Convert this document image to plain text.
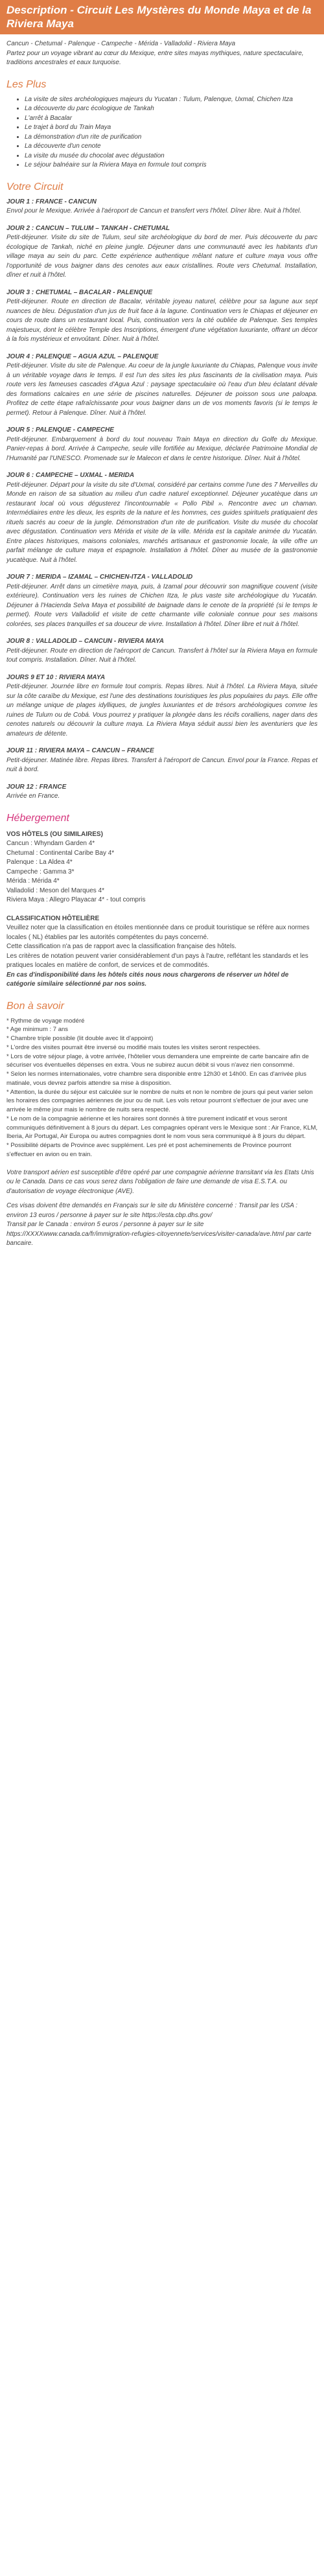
Description - Circuit Les Mystères du Monde Maya et de la Riviera Maya

Cancun - Chetumal - Palenque - Campeche - Mérida - Valladolid - Riviera Maya
Partez pour un voyage vibrant au cœur du Mexique, entre sites mayas mythiques, nature spectaculaire, traditions ancestrales et eaux turquoise.

Les Plus
• La visite de sites archéologiques majeurs du Yucatan : Tulum, Palenque, Uxmal, Chichen Itza
• La découverte du parc écologique de Tankah
• L'arrêt à Bacalar
• Le trajet à bord du Train Maya
• La démonstration d'un rite de purification
• La découverte d'un cenote
• La visite du musée du chocolat avec dégustation
• Le séjour balnéaire sur la Riviera Maya en formule tout compris
Votre Circuit

JOUR 1 : FRANCE - CANCUN

Envol pour le Mexique. Arrivée à l'aéroport de Cancun et transfert vers l'hôtel. Dîner libre. Nuit à l'hôtel.

JOUR 2 : CANCUN – TULUM – TANKAH - CHETUMAL

Petit-déjeuner. Visite du site de Tulum, seul site archéologique du bord de mer. Puis découverte du parc écologique de Tankah, niché en pleine jungle. Déjeuner dans une communauté avec les habitants d'un village maya au sein du parc. Cette expérience authentique mêlant nature et culture maya vous offre l'opportunité de vous baigner dans des cenotes aux eaux cristallines. Route vers Chetumal. Installation, dîner et nuit à l'hôtel.

JOUR 3 : CHETUMAL – BACALAR - PALENQUE

Petit-déjeuner. Route en direction de Bacalar, véritable joyeau naturel, célèbre pour sa lagune aux sept nuances de bleu. Dégustation d'un jus de fruit face à la lagune. Continuation vers le Chiapas et déjeuner en cours de route dans un restaurant local. Puis, continuation vers la cité oubliée de Palenque. Ses temples majestueux, dont le célèbre Temple des Inscriptions, émergent d'une végétation luxuriante, offrant un décor à la fois mystérieux et envoûtant. Dîner. Nuit à l'hôtel.

JOUR 4 : PALENQUE – AGUA AZUL – PALENQUE

Petit-déjeuner. Visite du site de Palenque. Au coeur de la jungle luxuriante du Chiapas, Palenque vous invite à un véritable voyage dans le temps. Il est l'un des sites les plus fascinants de la civilisation maya. Puis route vers les fameuses cascades d'Agua Azul : paysage spectaculaire où l'eau d'un bleu éclatant dévale des formations calcaires en une série de piscines naturelles. Déjeuner de poisson sous une paloapa. Profitez de cette étape rafraîchissante pour vous baigner dans un de vos moments favoris (si le temps le permet). Retour à Palenque. Dîner. Nuit à l'hôtel.

JOUR 5 : PALENQUE - CAMPECHE

Petit-déjeuner. Embarquement à bord du tout nouveau Train Maya en direction du Golfe du Mexique. Panier-repas à bord. Arrivée à Campeche, seule ville fortifiée au Mexique, déclarée Patrimoine Mondial de l'Humanité par l'UNESCO. Promenade sur le Malecon et dans le centre historique. Dîner. Nuit à l'hôtel.

JOUR 6 : CAMPECHE – UXMAL - MERIDA

Petit-déjeuner. Départ pour la visite du site d'Uxmal, considéré par certains comme l'une des 7 Merveilles du Monde en raison de sa situation au milieu d'un cadre naturel exceptionnel. Déjeuner yucatèque dans un restaurant local où vous dégusterez l'incontournable « Pollo Pibil ». Rencontre avec un chaman. Intermédiaires entre les dieux, les esprits de la nature et les hommes, ces guides spirituels pratiquaient des rituels sacrés au coeur de la jungle. Démonstration d'un rite de purification. Visite du musée du chocolat avec dégustation. Continuation vers Mérida et visite de la ville. Mérida est la capitale animée du Yucatán. Entre places historiques, maisons coloniales, marchés artisanaux et gastronomie locale, la ville offre un parfait mélange de culture maya et espagnole. Installation à l'hôtel. Dîner au musée de la gastronomie yucatèque. Nuit à l'hôtel.

JOUR 7 : MERIDA – IZAMAL – CHICHEN-ITZA - VALLADOLID

Petit-déjeuner. Arrêt dans un cimetière maya, puis, à Izamal pour découvrir son magnifique couvent (visite extérieure). Continuation vers les ruines de Chichen Itza, le plus vaste site archéologique du Yucatán. Déjeuner à l'Hacienda Selva Maya et possibilité de baignade dans le cenote de la propriété (si le temps le permet). Route vers Valladolid et visite de cette charmante ville coloniale connue pour ses maisons colorées, ses places tranquilles et sa douceur de vivre. Installation à l'hôtel. Dîner libre et nuit à l'hôtel.

JOUR 8 : VALLADOLID – CANCUN - RIVIERA MAYA

Petit-déjeuner. Route en direction de l'aéroport de Cancun. Transfert à l'hôtel sur la Riviera Maya en formule tout compris. Installation. Dîner. Nuit à l'hôtel.

JOURS 9 ET 10 : RIVIERA MAYA

Petit-déjeuner. Journée libre en formule tout compris. Repas libres. Nuit à l'hôtel. La Riviera Maya, située sur la côte caraïbe du Mexique, est l'une des destinations touristiques les plus populaires du pays. Elle offre un mélange unique de plages idylliques, de jungles luxuriantes et de trésors archéologiques comme les ruines de Tulum ou de Cobá. Vous pourrez y pratiquer la plongée dans les récifs coralliens, nager dans des cenotes naturels ou découvrir la culture maya. La Riviera Maya séduit aussi bien les aventuriers que les amateurs de détente.

JOUR 11 : RIVIERA MAYA – CANCUN – FRANCE

Petit-déjeuner. Matinée libre. Repas libres. Transfert à l'aéroport de Cancun. Envol pour la France. Repas et nuit à bord.

JOUR 12 : FRANCE

Arrivée en France.

Hébergement

VOS HÔTELS (OU SIMILAIRES)

Cancun : Whyndam Garden 4*

Chetumal : Continental Caribe Bay 4*

Palenque : La Aldea 4*

Campeche : Gamma 3*

Mérida : Mérida 4*

Valladolid : Meson del Marques 4*

Riviera Maya : Allegro Playacar 4* - tout compris

CLASSIFICATION HÔTELIÈRE

Veuillez noter que la classification en étoiles mentionnée dans ce produit touristique se réfère aux normes locales ( NL) établies par les autorités compétentes du pays concerné.

Cette classification n'a pas de rapport avec la classification française des hôtels.

Les critères de notation peuvent varier considérablement d'un pays à l'autre, reflétant les standards et les pratiques locales en matière de confort, de services et de commodités.

En cas d'indisponibilité dans les hôtels cités nous nous chargerons de réserver un hôtel de catégorie similaire sélectionné par nos soins.

Bon à savoir

* Rythme de voyage modéré

* Age minimum : 7 ans

* Chambre triple possible (lit double avec lit d'appoint)

* L'ordre des visites pourrait être inversé ou modifié mais toutes les visites seront respectées.

* Lors de votre séjour plage, à votre arrivée, l'hôtelier vous demandera une empreinte de carte bancaire afin de sécuriser vos éventuelles dépenses en extra. Vous ne subirez aucun débit si vous n'avez rien consommé.

* Selon les normes internationales, votre chambre sera disponible entre 12h30 et 14h00. En cas d'arrivée plus matinale, vous devrez parfois attendre sa mise à disposition.

* Attention, la durée du séjour est calculée sur le nombre de nuits et non le nombre de jours qui peut varier selon les horaires des compagnies aériennes de jour ou de nuit. Les vols retour pourront s'effectuer de jour avec une arrivée le même jour mais le nombre de nuits sera respecté.

* Le nom de la compagnie aérienne et les horaires sont donnés à titre purement indicatif et vous seront communiqués définitivement à 8 jours du départ. Les compagnies opérant vers le Mexique sont : Air France, KLM, Iberia, Air Portugal, Air Europa ou autres compagnies dont le nom vous sera communiqué à 8 jours du départ.

* Possibilité départs de Province avec supplément. Les pré et post acheminements de Province pourront s'effectuer en avion ou en train.

Votre transport aérien est susceptible d'être opéré par une compagnie aérienne transitant via les Etats Unis ou le Canada. Dans ce cas vous serez dans l'obligation de faire une demande de visa E.S.T.A. ou d'autorisation de voyage électronique (AVE).

Ces visas doivent être demandés en Français sur le site du Ministère concerné : Transit par les USA : environ 13 euros / personne à payer sur le site https://esta.cbp.dhs.gov/

Transit par le Canada : environ 5 euros / personne à payer sur le site https://XXXXwww.canada.ca/fr/immigration-refugies-citoyennete/services/visiter-canada/ave.html par carte bancaire.
